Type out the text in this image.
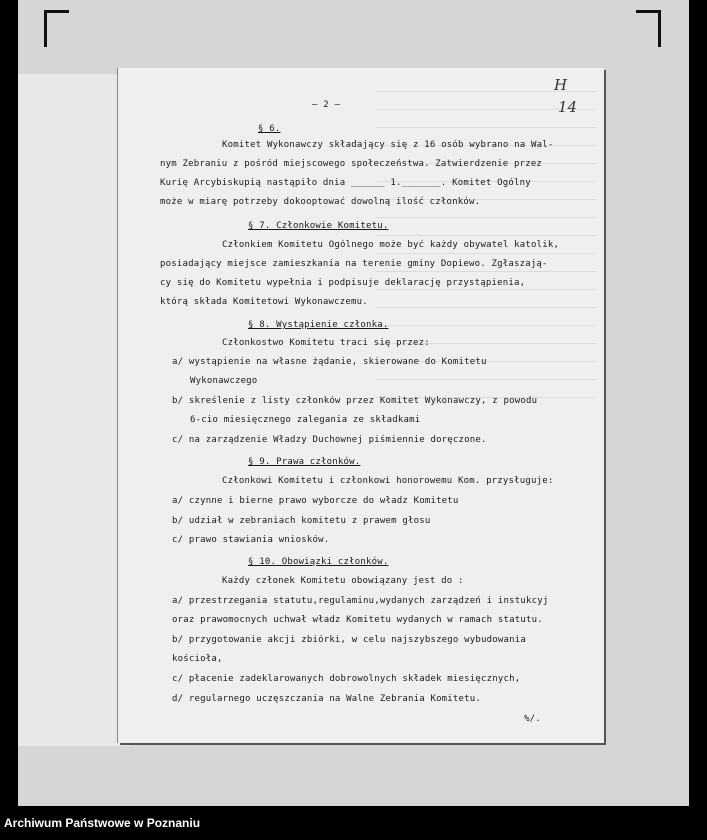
H
14
— 2 —
§ 6.
Komitet Wykonawczy składający się z 16 osób wybrano na Wal-
nym Zebraniu z pośród miejscowego społeczeństwa. Zatwierdzenie przez
Kurię Arcybiskupią nastąpiło dnia ______ 1._______. Komitet Ogólny
może w miarę potrzeby dokooptować dowolną ilość członków.
§ 7. Członkowie Komitetu.
Członkiem Komitetu Ogólnego może być każdy obywatel katolik,
posiadający miejsce zamieszkania na terenie gminy Dopiewo. Zgłaszają-
cy się do Komitetu wypełnia i podpisuje deklarację przystąpienia,
którą składa Komitetowi Wykonawczemu.
§ 8. Wystąpienie członka.
Członkostwo Komitetu traci się przez:
a/ wystąpienie na własne żądanie, skierowane do Komitetu
Wykonawczego
b/ skreślenie z listy członków przez Komitet Wykonawczy, z powodu
6-cio miesięcznego zalegania ze składkami
c/ na zarządzenie Władzy Duchownej piśmiennie doręczone.
§ 9. Prawa członków.
Członkowi Komitetu i członkowi honorowemu Kom. przysługuje:
a/ czynne i bierne prawo wyborcze do władz Komitetu
b/ udział w zebraniach komitetu z prawem głosu
c/ prawo stawiania wniosków.
§ 10. Obowiązki członków.
Każdy członek Komitetu obowiązany jest do :
a/ przestrzegania statutu,regulaminu,wydanych zarządzeń i instukcyj
oraz prawomocnych uchwał władz Komitetu wydanych w ramach statutu.
b/ przygotowanie akcji zbiórki, w celu najszybszego wybudowania
kościoła,
c/ płacenie zadeklarowanych dobrowolnych składek miesięcznych,
d/ regularnego uczęszczania na Walne Zebrania Komitetu.
%/.
34
Archiwum Państwowe w Poznaniu
